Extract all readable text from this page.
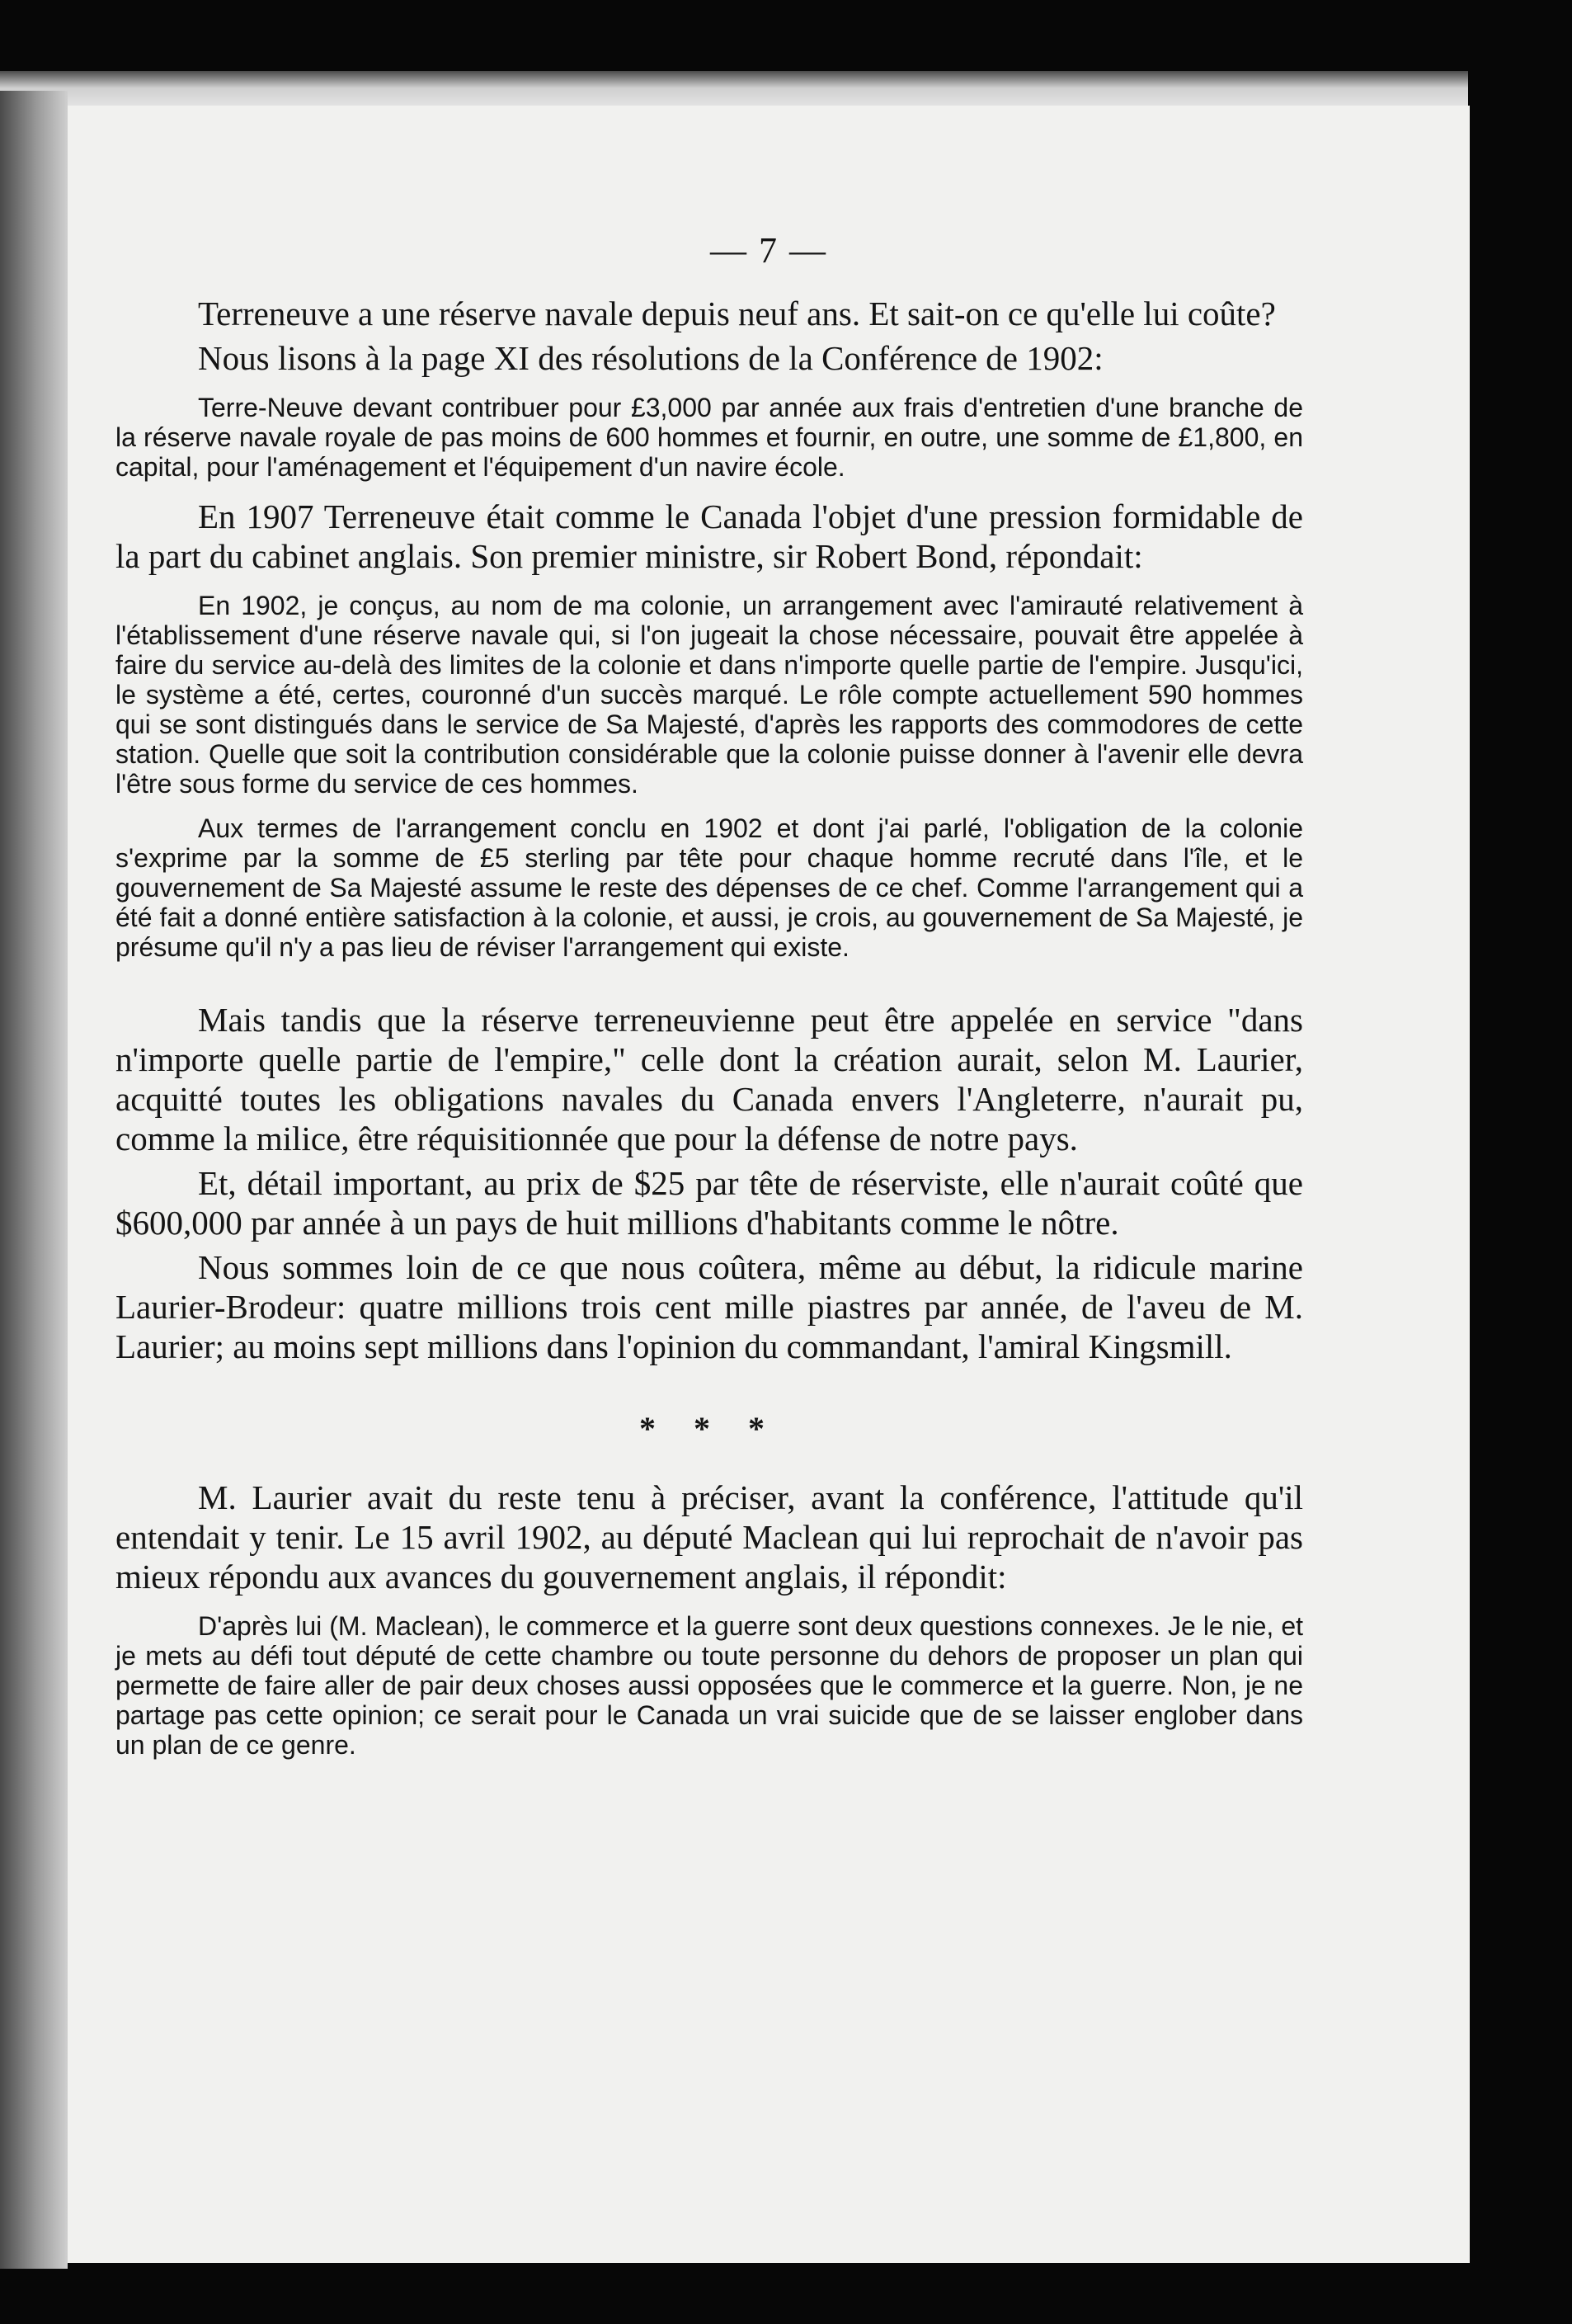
— 7 —

Terreneuve a une réserve navale depuis neuf ans. Et sait-on ce qu'elle lui coûte?

Nous lisons à la page XI des résolutions de la Conférence de 1902:

Terre-Neuve devant contribuer pour £3,000 par année aux frais d'entretien d'une branche de la réserve navale royale de pas moins de 600 hommes et fournir, en outre, une somme de £1,800, en capital, pour l'aménagement et l'équipement d'un navire école.

En 1907 Terreneuve était comme le Canada l'objet d'une pression formidable de la part du cabinet anglais. Son premier ministre, sir Robert Bond, répondait:

En 1902, je conçus, au nom de ma colonie, un arrangement avec l'amirauté relativement à l'établissement d'une réserve navale qui, si l'on jugeait la chose nécessaire, pouvait être appelée à faire du service au-delà des limites de la colonie et dans n'importe quelle partie de l'empire. Jusqu'ici, le système a été, certes, couronné d'un succès marqué. Le rôle compte actuellement 590 hommes qui se sont distingués dans le service de Sa Majesté, d'après les rapports des commodores de cette station. Quelle que soit la contribution considérable que la colonie puisse donner à l'avenir elle devra l'être sous forme du service de ces hommes.

Aux termes de l'arrangement conclu en 1902 et dont j'ai parlé, l'obligation de la colonie s'exprime par la somme de £5 sterling par tête pour chaque homme recruté dans l'île, et le gouvernement de Sa Majesté assume le reste des dépenses de ce chef. Comme l'arrangement qui a été fait a donné entière satisfaction à la colonie, et aussi, je crois, au gouvernement de Sa Majesté, je présume qu'il n'y a pas lieu de réviser l'arrangement qui existe.

Mais tandis que la réserve terreneuvienne peut être appelée en service "dans n'importe quelle partie de l'empire," celle dont la création aurait, selon M. Laurier, acquitté toutes les obligations navales du Canada envers l'Angleterre, n'aurait pu, comme la milice, être réquisitionnée que pour la défense de notre pays.

Et, détail important, au prix de $25 par tête de réserviste, elle n'aurait coûté que $600,000 par année à un pays de huit millions d'habitants comme le nôtre.

Nous sommes loin de ce que nous coûtera, même au début, la ridicule marine Laurier-Brodeur: quatre millions trois cent mille piastres par année, de l'aveu de M. Laurier; au moins sept millions dans l'opinion du commandant, l'amiral Kingsmill.

* * *

M. Laurier avait du reste tenu à préciser, avant la conférence, l'attitude qu'il entendait y tenir. Le 15 avril 1902, au député Maclean qui lui reprochait de n'avoir pas mieux répondu aux avances du gouvernement anglais, il répondit:

D'après lui (M. Maclean), le commerce et la guerre sont deux questions connexes. Je le nie, et je mets au défi tout député de cette chambre ou toute personne du dehors de proposer un plan qui permette de faire aller de pair deux choses aussi opposées que le commerce et la guerre. Non, je ne partage pas cette opinion; ce serait pour le Canada un vrai suicide que de se laisser englober dans un plan de ce genre.
